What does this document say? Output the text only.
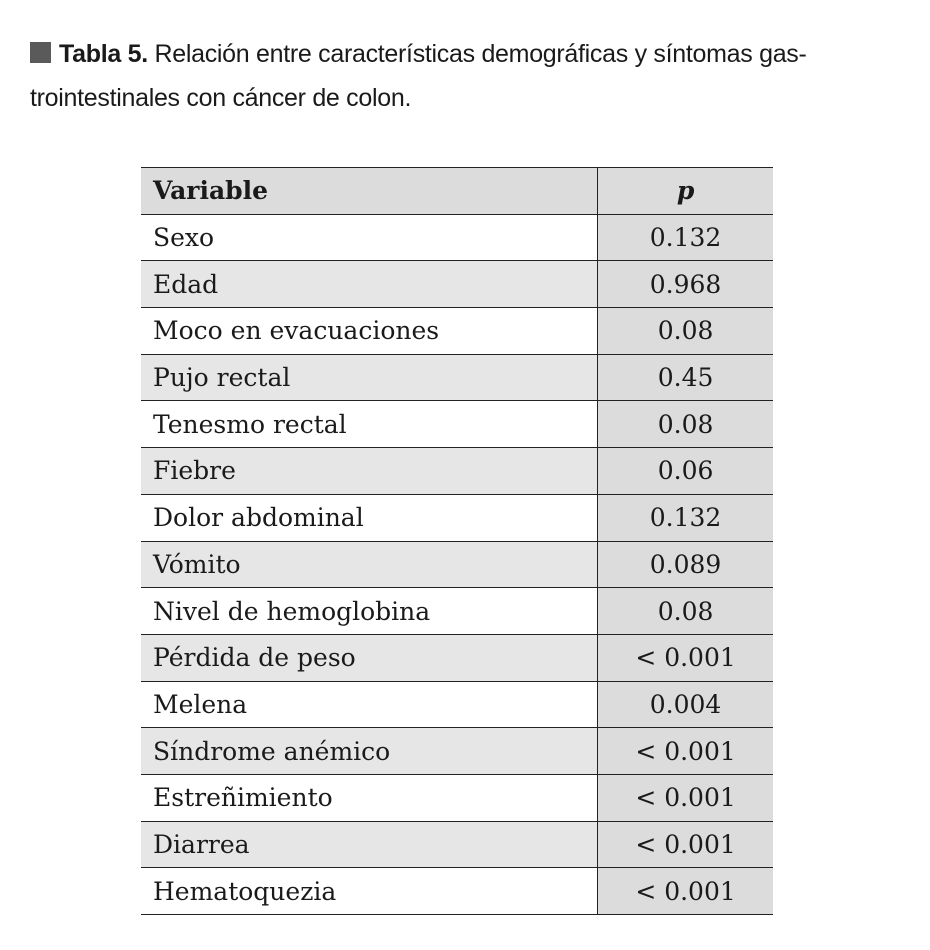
Tabla 5. Relación entre características demográficas y síntomas gas-trointestinales con cáncer de colon.
Variable	p
Sexo	0.132
Edad	0.968
Moco en evacuaciones	0.08
Pujo rectal	0.45
Tenesmo rectal	0.08
Fiebre	0.06
Dolor abdominal	0.132
Vómito	0.089
Nivel de hemoglobina	0.08
Pérdida de peso	< 0.001
Melena	0.004
Síndrome anémico	< 0.001
Estreñimiento	< 0.001
Diarrea	< 0.001
Hematoquezia	< 0.001
